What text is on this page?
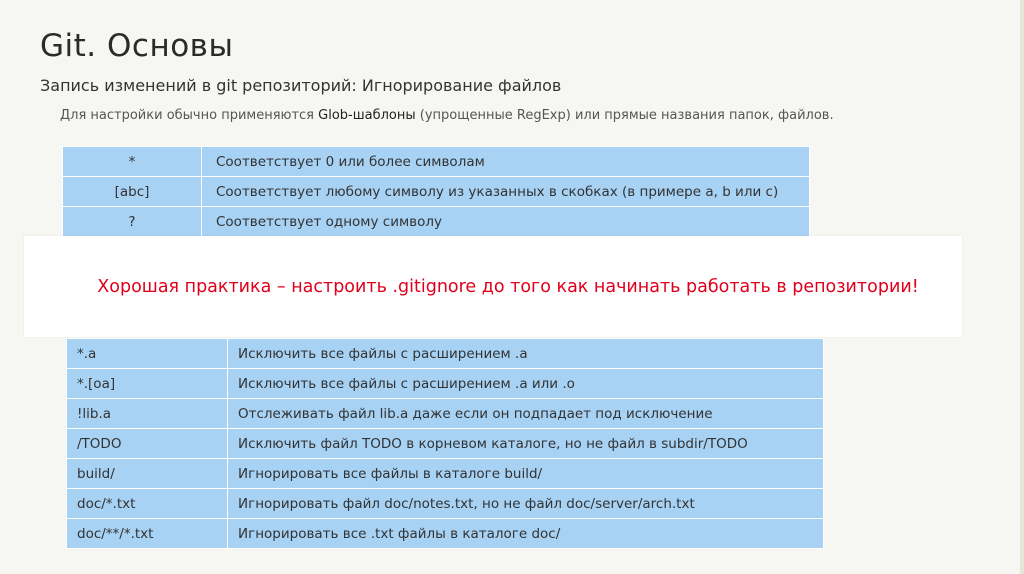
Git. Основы
Запись изменений в git репозиторий: Игнорирование файлов
Для настройки обычно применяются Glob-шаблоны (упрощенные RegExp) или прямые названия папок, файлов.
*	Соответствует 0 или более символам
[abc]	Соответствует любому символу из указанных в скобках (в примере a, b или c)
?	Соответствует одному символу
*.a	Исключить все файлы с расширением .a
*.[oa]	Исключить все файлы с расширением .a или .o
!lib.a	Отслеживать файл lib.a даже если он подпадает под исключение
/TODO	Исключить файл TODO в корневом каталоге, но не файл в subdir/TODO
build/	Игнорировать все файлы в каталоге build/
doc/*.txt	Игнорировать файл doc/notes.txt, но не файл doc/server/arch.txt
doc/**/*.txt	Игнорировать все .txt файлы в каталоге doc/
Хорошая практика – настроить .gitignore до того как начинать работать в репозитории!
